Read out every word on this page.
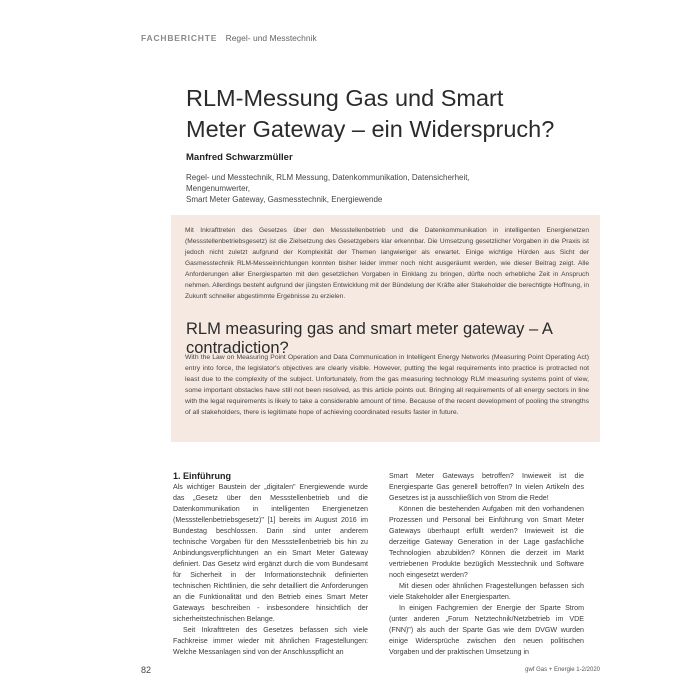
FACHBERICHTE Regel- und Messtechnik
RLM-Messung Gas und Smart
Meter Gateway – ein Widerspruch?
Manfred Schwarzmüller
Regel- und Messtechnik, RLM Messung, Datenkommunikation, Datensicherheit, Mengenumwerter,
Smart Meter Gateway, Gasmesstechnik, Energiewende
Mit Inkrafttreten des Gesetzes über den Messstellenbetrieb und die Datenkommunikation in intelligenten Energienetzen (Messstellenbetriebsgesetz) ist die Zielsetzung des Gesetzgebers klar erkennbar. Die Umsetzung gesetzlicher Vorgaben in die Praxis ist jedoch nicht zuletzt aufgrund der Komplexität der Themen langwieriger als erwartet. Einige wichtige Hürden aus Sicht der Gasmesstechnik RLM-Messeinrichtungen konnten bisher leider immer noch nicht ausgeräumt werden, wie dieser Beitrag zeigt. Alle Anforderungen aller Energiesparten mit den gesetzlichen Vorgaben in Einklang zu bringen, dürfte noch erhebliche Zeit in Anspruch nehmen. Allerdings besteht aufgrund der jüngsten Entwicklung mit der Bündelung der Kräfte aller Stakeholder die berechtigte Hoffnung, in Zukunft schneller abgestimmte Ergebnisse zu erzielen.
RLM measuring gas and smart meter gateway – A contradiction?
With the Law on Measuring Point Operation and Data Communication in Intelligent Energy Networks (Measuring Point Operating Act) entry into force, the legislator's objectives are clearly visible. However, putting the legal requirements into practice is protracted not least due to the complexity of the subject. Unfortunately, from the gas measuring technology RLM measuring systems point of view, some important obstacles have still not been resolved, as this article points out. Bringing all requirements of all energy sectors in line with the legal requirements is likely to take a considerable amount of time. Because of the recent development of pooling the strengths of all stakeholders, there is legitimate hope of achieving coordinated results faster in future.
1. Einführung

Als wichtiger Baustein der „digitalen" Energiewende wurde das „Gesetz über den Messstellenbetrieb und die Datenkommunikation in intelligenten Energienetzen (Messstellenbetriebsgesetz)" [1] bereits im August 2016 im Bundestag beschlossen. Darin sind unter anderem technische Vorgaben für den Messstellenbetrieb bis hin zu Anbindungsverpflichtungen an ein Smart Meter Gateway definiert. Das Gesetz wird ergänzt durch die vom Bundesamt für Sicherheit in der Informationstechnik definierten technischen Richtlinien, die sehr detailliert die Anforderungen an die Funktionalität und den Betrieb eines Smart Meter Gateways beschreiben - insbesondere hinsichtlich der sicherheitstechnischen Belange.

Seit Inkrafttreten des Gesetzes befassen sich viele Fachkreise immer wieder mit ähnlichen Fragestellungen: Welche Messanlagen sind von der Anschlusspflicht an

Smart Meter Gateways betroffen? Inwieweit ist die Energiesparte Gas generell betroffen? In vielen Artikeln des Gesetzes ist ja ausschließlich von Strom die Rede!

Können die bestehenden Aufgaben mit den vorhandenen Prozessen und Personal bei Einführung von Smart Meter Gateways überhaupt erfüllt werden? Inwieweit ist die derzeitige Gateway Generation in der Lage gasfachliche Technologien abzubilden? Können die derzeit im Markt vertriebenen Produkte bezüglich Messtechnik und Software noch eingesetzt werden?

Mit diesen oder ähnlichen Fragestellungen befassen sich viele Stakeholder aller Energiesparten.

In einigen Fachgremien der Energie der Sparte Strom (unter anderen „Forum Netztechnik/Netzbetrieb im VDE (FNN)") als auch der Sparte Gas wie dem DVGW wurden einige Widersprüche zwischen den neuen politischen Vorgaben und der praktischen Umsetzung in

82	gwf Gas + Energie 1-2/2020
